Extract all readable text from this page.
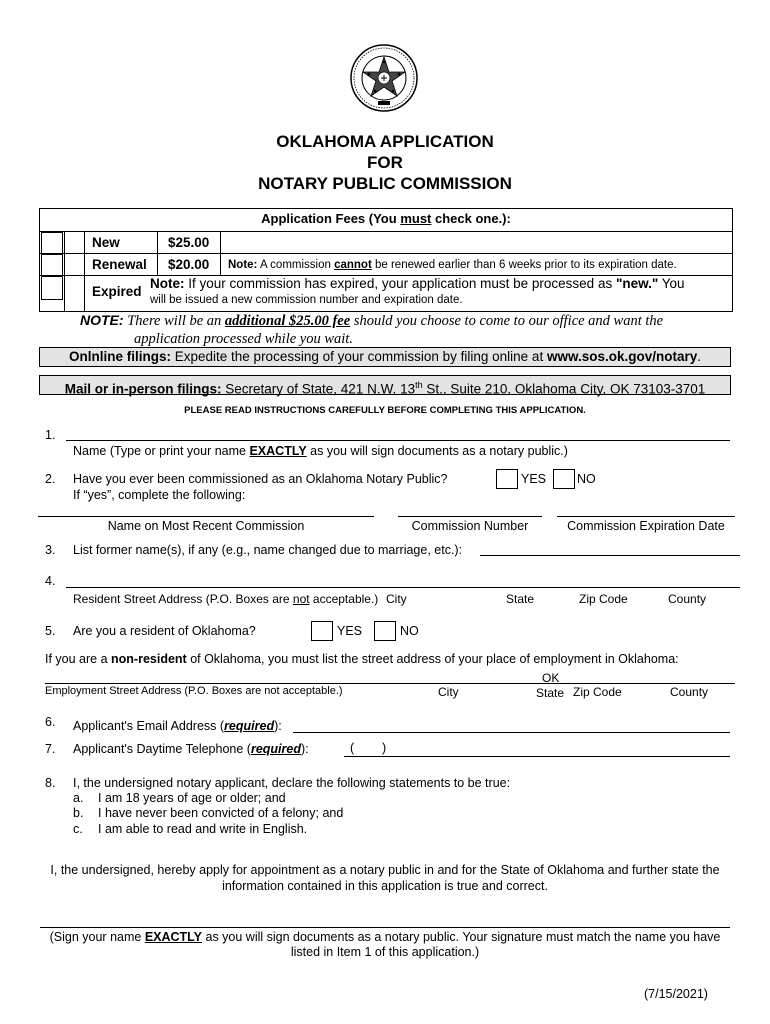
OKLAHOMA APPLICATION
FOR
NOTARY PUBLIC COMMISSION
Application Fees (You must check one.):
New	$25.00
Renewal $20.00 Note: A commission cannot be renewed earlier than 6 weeks prior to its expiration date.
Expired
Note: If your commission has expired, your application must be processed as "new." You
will be issued a new commission number and expiration date.
NOTE: There will be an additional $25.00 fee should you choose to come to our office and want the
application processed while you wait.
Onlnline filings: Expedite the processing of your commission by filing online at www.sos.ok.gov/notary.
Mail or in-person filings: Secretary of State, 421 N.W. 13th St., Suite 210, Oklahoma City, OK 73103-3701
PLEASE READ INSTRUCTIONS CAREFULLY BEFORE COMPLETING THIS APPLICATION.
1.
Name (Type or print your name EXACTLY as you will sign documents as a notary public.)
2. Have you ever been commissioned as an Oklahoma Notary Public?
If “yes”, complete the following:
YES NO
Name on Most Recent Commission	Commission Number	Commission Expiration Date
3. List former name(s), if any (e.g., name changed due to marriage, etc.):
4.
Resident Street Address (P.O. Boxes are not acceptable.) City	State	Zip Code	County
5. Are you a resident of Oklahoma?	YES	NO
If you are a non-resident of Oklahoma, you must list the street address of your place of employment in Oklahoma:
OK
Employment Street Address (P.O. Boxes are not acceptable.)	City	State Zip Code	County
6. Applicant's Email Address (required):
7. Applicant's Daytime Telephone (required):	(        )
8. I, the undersigned notary applicant, declare the following statements to be true:
a. I am 18 years of age or older; and
b. I have never been convicted of a felony; and
c. I am able to read and write in English.
I, the undersigned, hereby apply for appointment as a notary public in and for the State of Oklahoma and further state the
information contained in this application is true and correct.
(Sign your name EXACTLY as you will sign documents as a notary public. Your signature must match the name you have
listed in Item 1 of this application.)
(7/15/2021)
